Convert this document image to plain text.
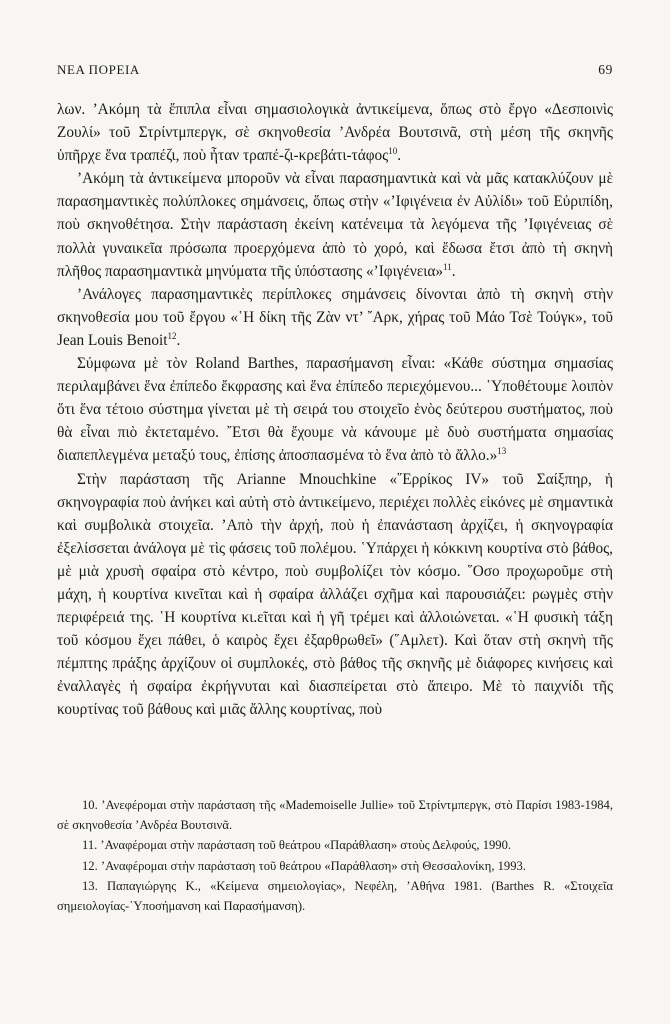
ΝΕΑ ΠΟΡΕΙΑ	69

λων. ’Ακόμη τὰ ἔπιπλα εἶναι σημασιολογικὰ ἀντικείμενα, ὅπως στὸ ἔργο «Δεσποινὶς Ζουλί» τοῦ Στρίντμπεργκ, σὲ σκηνοθεσία ’Ανδρέα Βουτσινᾶ, στὴ μέση τῆς σκηνῆς ὑπῆρχε ἕνα τραπέζι, ποὺ ἦταν τραπέ-ζι-κρεβάτι-τάφος$^{10}$.

’Ακόμη τὰ ἀντικείμενα μποροῦν νὰ εἶναι παρασημαντικὰ καὶ νὰ μᾶς κατακλύζουν μὲ παρασημαντικὲς πολύπλοκες σημάνσεις, ὅπως στὴν «’Ιφιγένεια ἐν Αὐλίδι» τοῦ Εὐριπίδη, ποὺ σκηνοθέτησα. Στὴν παράσταση ἐκείνη κατένειμα τὰ λεγόμενα τῆς ’Ιφιγένειας σὲ πολλὰ γυναικεῖα πρόσωπα προερχόμενα ἀπὸ τὸ χορό, καὶ ἔδωσα ἔτσι ἀπὸ τὴ σκηνὴ πλῆθος παρασημαντικὰ μηνύματα τῆς ὑπόστασης «’Ιφιγένεια»$^{11}$.

’Ανάλογες παρασημαντικὲς περίπλοκες σημάνσεις δίνονται ἀπὸ τὴ σκηνὴ στὴν σκηνοθεσία μου τοῦ ἔργου «῾Η δίκη τῆς Ζὰν ντ’ ῎Αρκ, χήρας τοῦ Μάο Τσὲ Τούγκ», τοῦ Jean Louis Benoit$^{12}$.

Σύμφωνα μὲ τὸν Roland Barthes, παρασήμανση εἶναι: «Κάθε σύστημα σημασίας περιλαμβάνει ἕνα ἐπίπεδο ἔκφρασης καὶ ἕνα ἐπίπεδο περιεχόμενου... ῾Υποθέτουμε λοιπὸν ὅτι ἕνα τέτοιο σύστημα γίνεται μὲ τὴ σειρά του στοιχεῖο ἑνὸς δεύτερου συστήματος, ποὺ θὰ εἶναι πιὸ ἐκτεταμένο. ῎Ετσι θὰ ἔχουμε νὰ κάνουμε μὲ δυὸ συστήματα σημασίας διαπεπλεγμένα μεταξύ τους, ἐπίσης ἀποσπασμένα τὸ ἕνα ἀπὸ τὸ ἄλλο.»$^{13}$

Στὴν παράσταση τῆς Arianne Mnouchkine «῞Ερρίκος IV» τοῦ Σαίξπηρ, ἡ σκηνογραφία ποὺ ἀνήκει καὶ αὐτὴ στὸ ἀντικείμενο, περιέχει πολλὲς εἰκόνες μὲ σημαντικὰ καὶ συμβολικὰ στοιχεῖα. ’Απὸ τὴν ἀρχή, ποὺ ἡ ἐπανάσταση ἀρχίζει, ἡ σκηνογραφία ἐξελίσσεται ἀνάλογα μὲ τὶς φάσεις τοῦ πολέμου. ῾Υπάρχει ἡ κόκκινη κουρτίνα στὸ βάθος, μὲ μιὰ χρυσὴ σφαίρα στὸ κέντρο, ποὺ συμβολίζει τὸν κόσμο. ῞Οσο προχωροῦμε στὴ μάχη, ἡ κουρτίνα κινεῖται καὶ ἡ σφαίρα ἀλλάζει σχῆμα καὶ παρουσιάζει: ρωγμὲς στὴν περιφέρειά της. ῾Η κουρτίνα κι.εῖται καὶ ἡ γῆ τρέμει καὶ ἀλλοιώνεται. «῾Η φυσικὴ τάξη τοῦ κόσμου ἔχει πάθει, ὁ καιρὸς ἔχει ἐξαρθρωθεῖ» (῞Αμλετ). Καὶ ὅταν στὴ σκηνὴ τῆς πέμπτης πράξης ἀρχίζουν οἱ συμπλοκές, στὸ βάθος τῆς σκηνῆς μὲ διάφορες κινήσεις καὶ ἐναλλαγὲς ἡ σφαίρα ἐκρήγνυται καὶ διασπείρεται στὸ ἄπειρο. Μὲ τὸ παιχνίδι τῆς κουρτίνας τοῦ βάθους καὶ μιᾶς ἄλλης κουρτίνας, ποὺ

10. ’Ανεφέρομαι στὴν παράσταση τῆς «Mademoiselle Jullie» τοῦ Στρίντμπεργκ, στὸ Παρίσι 1983-1984, σὲ σκηνοθεσία ’Ανδρέα Βουτσινᾶ.

11. ’Αναφέρομαι στὴν παράσταση τοῦ θεάτρου «Παράθλαση» στοὺς Δελφούς, 1990.

12. ’Αναφέρομαι στὴν παράσταση τοῦ θεάτρου «Παράθλαση» στὴ Θεσσαλονίκη, 1993.

13. Παπαγιώργης Κ., «Κείμενα σημειολογίας», Νεφέλη, ’Αθήνα 1981. (Barthes R. «Στοιχεῖα σημειολογίας-῾Υποσήμανση καὶ Παρασήμανση).
